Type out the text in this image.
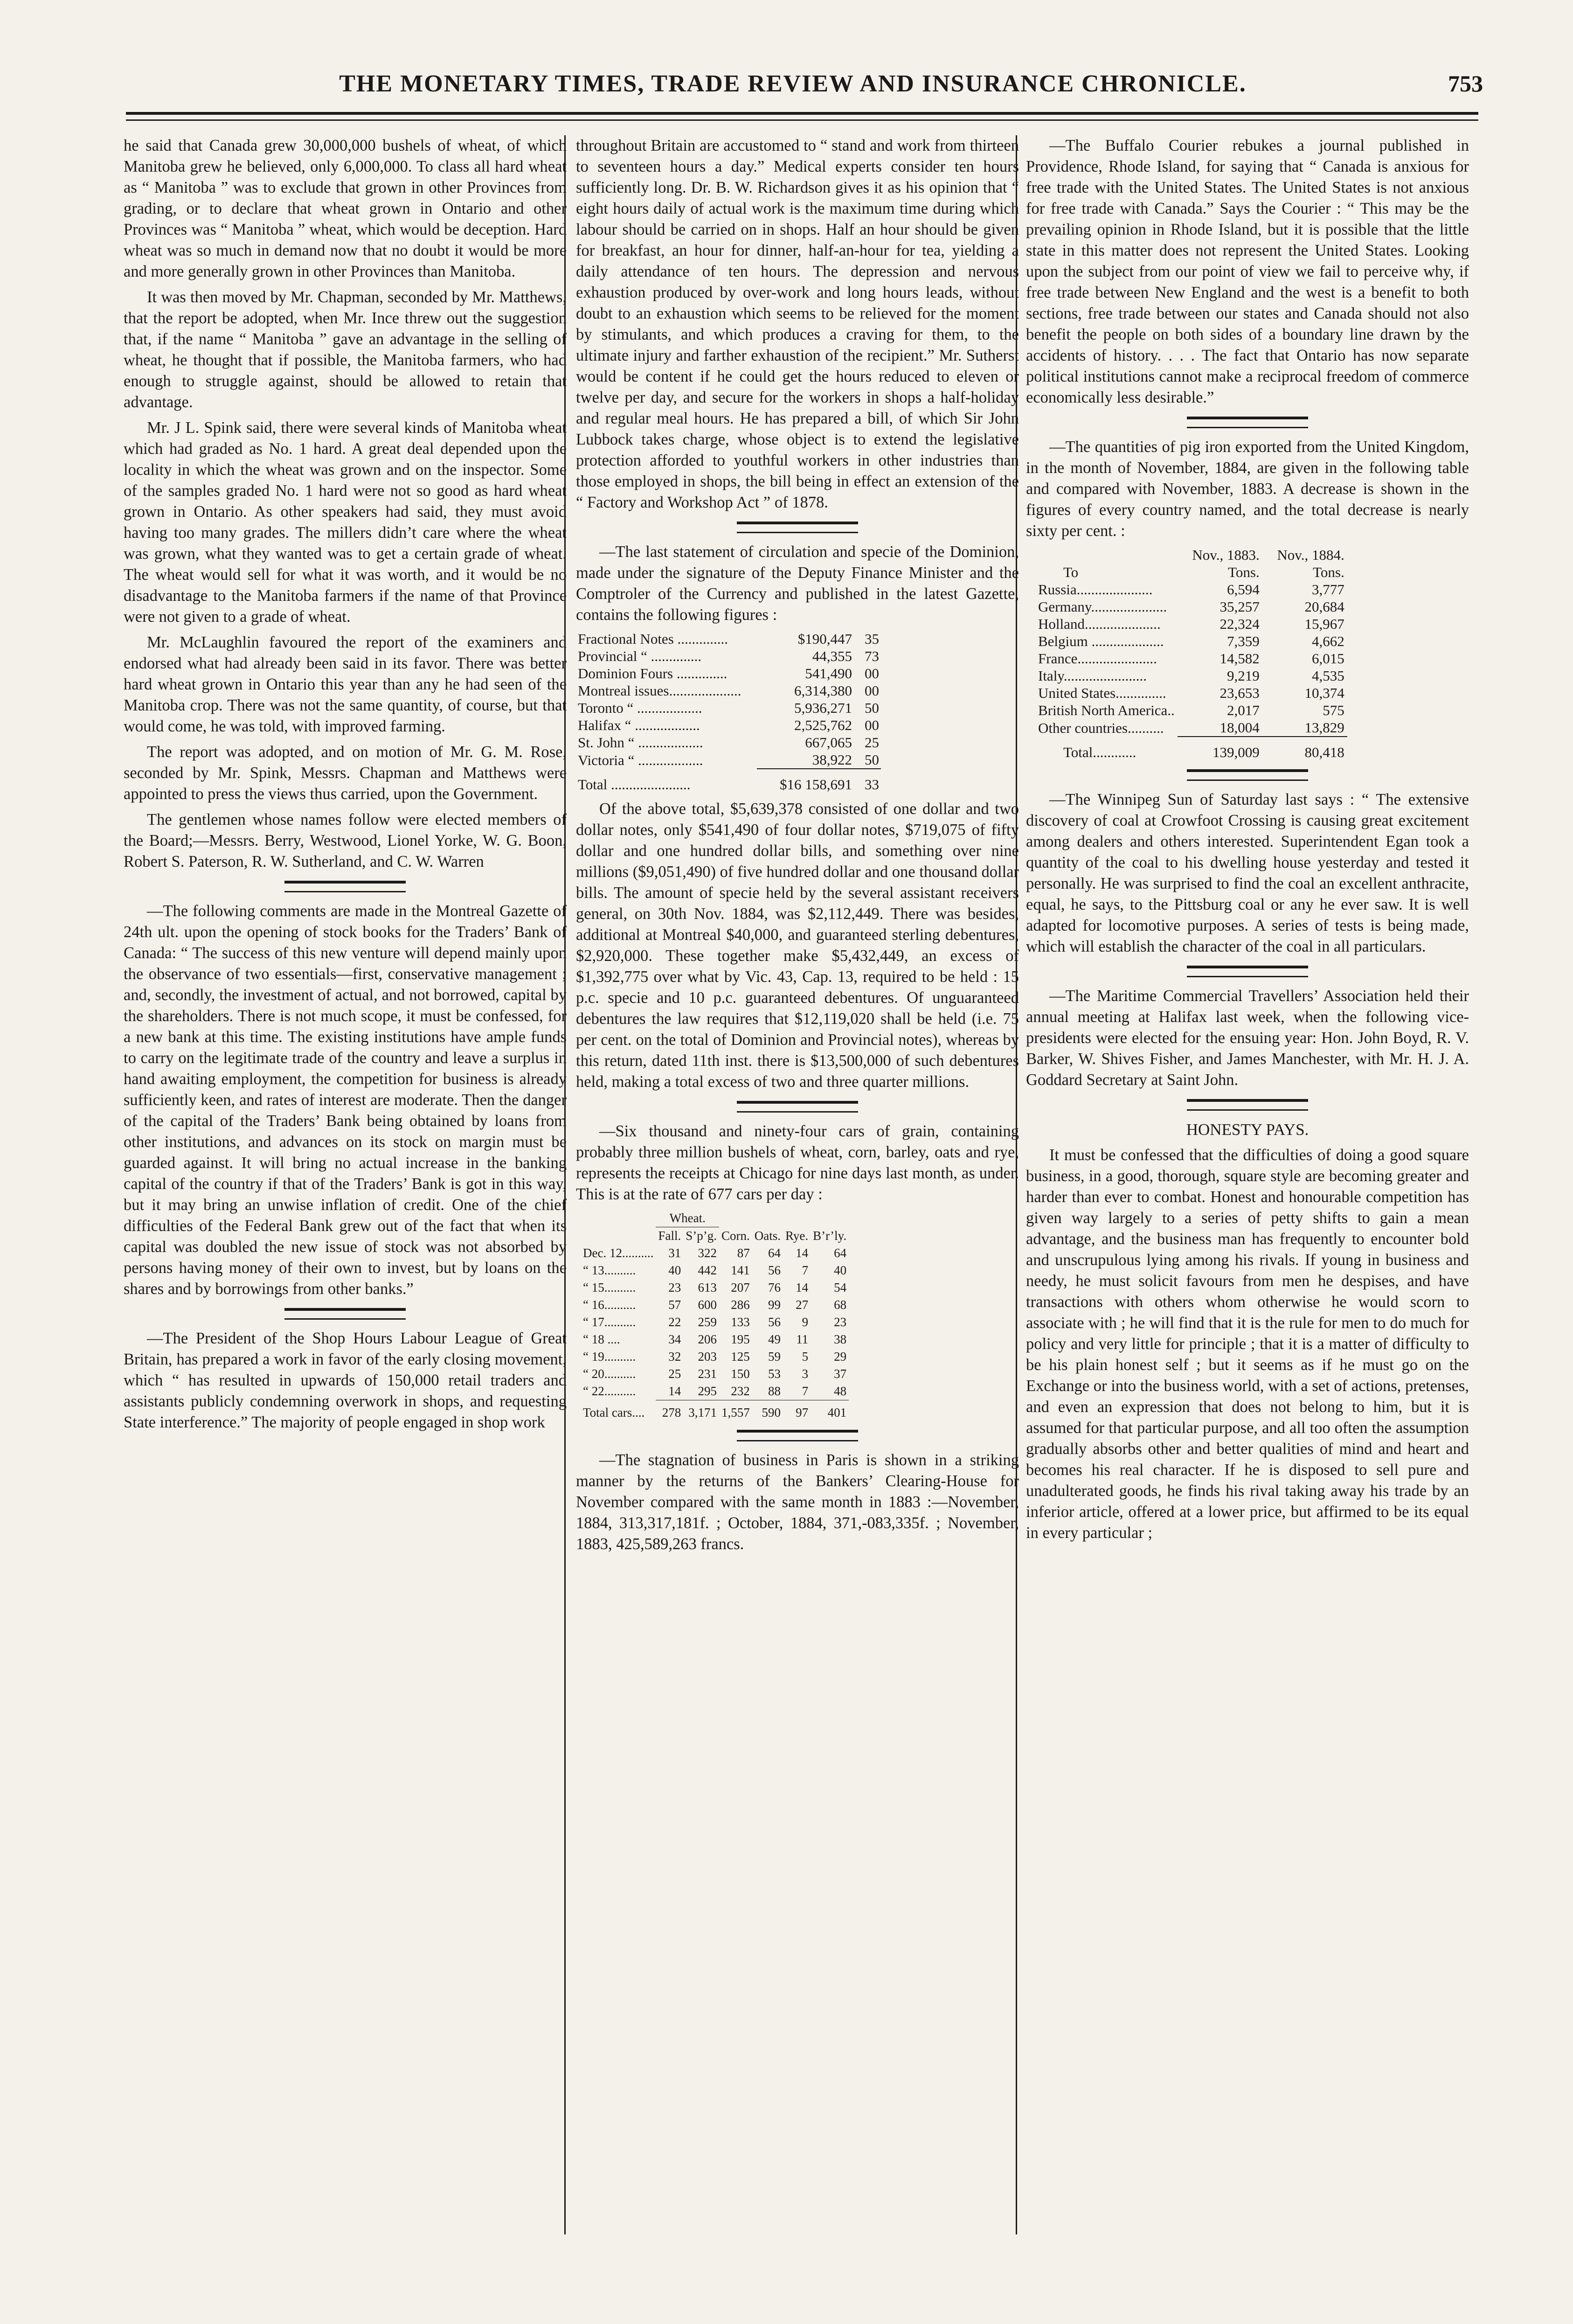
THE MONETARY TIMES, TRADE REVIEW AND INSURANCE CHRONICLE.	753

he said that Canada grew 30,000,000 bushels of wheat, of which Manitoba grew he believed, only 6,000,000. To class all hard wheat as “ Manitoba ” was to exclude that grown in other Provinces from grading, or to declare that wheat grown in Ontario and other Provinces was “ Manitoba ” wheat, which would be deception. Hard wheat was so much in demand now that no doubt it would be more and more generally grown in other Provinces than Manitoba.

It was then moved by Mr. Chapman, seconded by Mr. Matthews, that the report be adopted, when Mr. Ince threw out the suggestion that, if the name “ Manitoba ” gave an advantage in the selling of wheat, he thought that if possible, the Manitoba farmers, who had enough to struggle against, should be allowed to retain that advantage.

Mr. J L. Spink said, there were several kinds of Manitoba wheat which had graded as No. 1 hard. A great deal depended upon the locality in which the wheat was grown and on the inspector. Some of the samples graded No. 1 hard were not so good as hard wheat grown in Ontario. As other speakers had said, they must avoid having too many grades. The millers didn’t care where the wheat was grown, what they wanted was to get a certain grade of wheat. The wheat would sell for what it was worth, and it would be no disadvantage to the Manitoba farmers if the name of that Province were not given to a grade of wheat.

Mr. McLaughlin favoured the report of the examiners and endorsed what had already been said in its favor. There was better hard wheat grown in Ontario this year than any he had seen of the Manitoba crop. There was not the same quantity, of course, but that would come, he was told, with improved farming.

The report was adopted, and on motion of Mr. G. M. Rose, seconded by Mr. Spink, Messrs. Chapman and Matthews were appointed to press the views thus carried, upon the Government.

The gentlemen whose names follow were elected members of the Board;—Messrs. Berry, Westwood, Lionel Yorke, W. G. Boon, Robert S. Paterson, R. W. Sutherland, and C. W. Warren

—The following comments are made in the Montreal Gazette of 24th ult. upon the opening of stock books for the Traders’ Bank of Canada: “ The success of this new venture will depend mainly upon the observance of two essentials—first, conservative management ; and, secondly, the investment of actual, and not borrowed, capital by the shareholders. There is not much scope, it must be confessed, for a new bank at this time. The existing institutions have ample funds to carry on the legitimate trade of the country and leave a surplus in hand awaiting employment, the competition for business is already sufficiently keen, and rates of interest are moderate. Then the danger of the capital of the Traders’ Bank being obtained by loans from other institutions, and advances on its stock on margin must be guarded against. It will bring no actual increase in the banking capital of the country if that of the Traders’ Bank is got in this way, but it may bring an unwise inflation of credit. One of the chief difficulties of the Federal Bank grew out of the fact that when its capital was doubled the new issue of stock was not absorbed by persons having money of their own to invest, but by loans on the shares and by borrowings from other banks.”

—The President of the Shop Hours Labour League of Great Britain, has prepared a work in favor of the early closing movement, which “ has resulted in upwards of 150,000 retail traders and assistants publicly condemning overwork in shops, and requesting State interference.” The majority of people engaged in shop work

throughout Britain are accustomed to “ stand and work from thirteen to seventeen hours a day.” Medical experts consider ten hours sufficiently long. Dr. B. W. Richardson gives it as his opinion that “ eight hours daily of actual work is the maximum time during which labour should be carried on in shops. Half an hour should be given for breakfast, an hour for dinner, half-an-hour for tea, yielding a daily attendance of ten hours. The depression and nervous exhaustion produced by over-work and long hours leads, without doubt to an exhaustion which seems to be relieved for the moment by stimulants, and which produces a craving for them, to the ultimate injury and farther exhaustion of the recipient.” Mr. Sutherst would be content if he could get the hours reduced to eleven or twelve per day, and secure for the workers in shops a half-holiday and regular meal hours. He has prepared a bill, of which Sir John Lubbock takes charge, whose object is to extend the legislative protection afforded to youthful workers in other industries than those employed in shops, the bill being in effect an extension of the “ Factory and Workshop Act ” of 1878.

—The last statement of circulation and specie of the Dominion, made under the signature of the Deputy Finance Minister and the Comptroler of the Currency and published in the latest Gazette, contains the following figures :

Fractional Notes ..............	$190,447	35
Provincial “ ..............	44,355	73
Dominion Fours ..............	541,490	00
Montreal issues....................	6,314,380	00
Toronto “ ..................	5,936,271	50
Halifax “ ..................	2,525,762	00
St. John “ ..................	667,065	25
Victoria “ ..................	38,922	50
Total ......................	$16 158,691	33

Of the above total, $5,639,378 consisted of one dollar and two dollar notes, only $541,490 of four dollar notes, $719,075 of fifty dollar and one hundred dollar bills, and something over nine millions ($9,051,490) of five hundred dollar and one thousand dollar bills. The amount of specie held by the several assistant receivers general, on 30th Nov. 1884, was $2,112,449. There was besides, additional at Montreal $40,000, and guaranteed sterling debentures, $2,920,000. These together make $5,432,449, an excess of $1,392,775 over what by Vic. 43, Cap. 13, required to be held : 15 p.c. specie and 10 p.c. guaranteed debentures. Of unguaranteed debentures the law requires that $12,119,020 shall be held (i.e. 75 per cent. on the total of Dominion and Provincial notes), whereas by this return, dated 11th inst. there is $13,500,000 of such debentures held, making a total excess of two and three quarter millions.

—Six thousand and ninety-four cars of grain, containing probably three million bushels of wheat, corn, barley, oats and rye, represents the receipts at Chicago for nine days last month, as under. This is at the rate of 677 cars per day :

	Wheat.					
	Fall.	S’p’g.	Corn.	Oats.	Rye.	B’r’ly.
Dec. 12..........	31	322	87	64	14	64
“ 13..........	40	442	141	56	7	40
“ 15..........	23	613	207	76	14	54
“ 16..........	57	600	286	99	27	68
“ 17..........	22	259	133	56	9	23
“ 18 ....	34	206	195	49	11	38
“ 19..........	32	203	125	59	5	29
“ 20..........	25	231	150	53	3	37
“ 22..........	14	295	232	88	7	48
Total cars....	278	3,171	1,557	590	97	401

—The stagnation of business in Paris is shown in a striking manner by the returns of the Bankers’ Clearing-House for November compared with the same month in 1883 :—November, 1884, 313,317,181f. ; October, 1884, 371,-083,335f. ; November, 1883, 425,589,263 francs.

—The Buffalo Courier rebukes a journal published in Providence, Rhode Island, for saying that “ Canada is anxious for free trade with the United States. The United States is not anxious for free trade with Canada.” Says the Courier : “ This may be the prevailing opinion in Rhode Island, but it is possible that the little state in this matter does not represent the United States. Looking upon the subject from our point of view we fail to perceive why, if free trade between New England and the west is a benefit to both sections, free trade between our states and Canada should not also benefit the people on both sides of a boundary line drawn by the accidents of history. . . . The fact that Ontario has now separate political institutions cannot make a reciprocal freedom of commerce economically less desirable.”

—The quantities of pig iron exported from the United Kingdom, in the month of November, 1884, are given in the following table and compared with November, 1883. A decrease is shown in the figures of every country named, and the total decrease is nearly sixty per cent. :

	Nov., 1883.	Nov., 1884.
To	Tons.	Tons.
Russia.....................	6,594	3,777
Germany.....................	35,257	20,684
Holland.....................	22,324	15,967
Belgium ....................	7,359	4,662
France......................	14,582	6,015
Italy.......................	9,219	4,535
United States..............	23,653	10,374
British North America..	2,017	575
Other countries..........	18,004	13,829
Total............	139,009	80,418

—The Winnipeg Sun of Saturday last says : “ The extensive discovery of coal at Crowfoot Crossing is causing great excitement among dealers and others interested. Superintendent Egan took a quantity of the coal to his dwelling house yesterday and tested it personally. He was surprised to find the coal an excellent anthracite, equal, he says, to the Pittsburg coal or any he ever saw. It is well adapted for locomotive purposes. A series of tests is being made, which will establish the character of the coal in all particulars.

—The Maritime Commercial Travellers’ Association held their annual meeting at Halifax last week, when the following vice-presidents were elected for the ensuing year: Hon. John Boyd, R. V. Barker, W. Shives Fisher, and James Manchester, with Mr. H. J. A. Goddard Secretary at Saint John.

HONESTY PAYS.

It must be confessed that the difficulties of doing a good square business, in a good, thorough, square style are becoming greater and harder than ever to combat. Honest and honourable competition has given way largely to a series of petty shifts to gain a mean advantage, and the business man has frequently to encounter bold and unscrupulous lying among his rivals. If young in business and needy, he must solicit favours from men he despises, and have transactions with others whom otherwise he would scorn to associate with ; he will find that it is the rule for men to do much for policy and very little for principle ; that it is a matter of difficulty to be his plain honest self ; but it seems as if he must go on the Exchange or into the business world, with a set of actions, pretenses, and even an expression that does not belong to him, but it is assumed for that particular purpose, and all too often the assumption gradually absorbs other and better qualities of mind and heart and becomes his real character. If he is disposed to sell pure and unadulterated goods, he finds his rival taking away his trade by an inferior article, offered at a lower price, but affirmed to be its equal in every particular ;
